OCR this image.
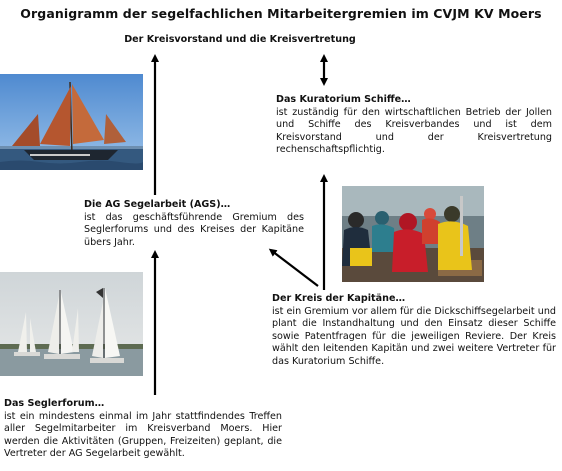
Organigramm der segelfachlichen Mitarbeitergremien im CVJM KV Moers
Der Kreisvorstand und die Kreisvertretung
Das Kuratorium Schiffe…
ist zuständig für den wirtschaftlichen Betrieb der Jollen und Schiffe des Kreisverbandes und ist dem Kreisvorstand und der Kreisvertretung rechenschaftspflichtig.
Die AG Segelarbeit (AGS)…
ist das geschäftsführende Gremium des Seglerforums und des Kreises der Kapitäne übers Jahr.
Der Kreis der Kapitäne…
ist ein Gremium vor allem für die Dickschiffsegelarbeit und plant die Instandhaltung und den Einsatz dieser Schiffe sowie Patentfragen für die jeweiligen Reviere. Der Kreis wählt den leitenden Kapitän und zwei weitere Vertreter für das Kuratorium Schiffe.
Das Seglerforum…
ist ein mindestens einmal im Jahr stattfindendes Treffen aller Segelmitarbeiter im Kreisverband Moers. Hier werden die Aktivitäten (Gruppen, Freizeiten) geplant, die Vertreter der AG Segelarbeit gewählt.
